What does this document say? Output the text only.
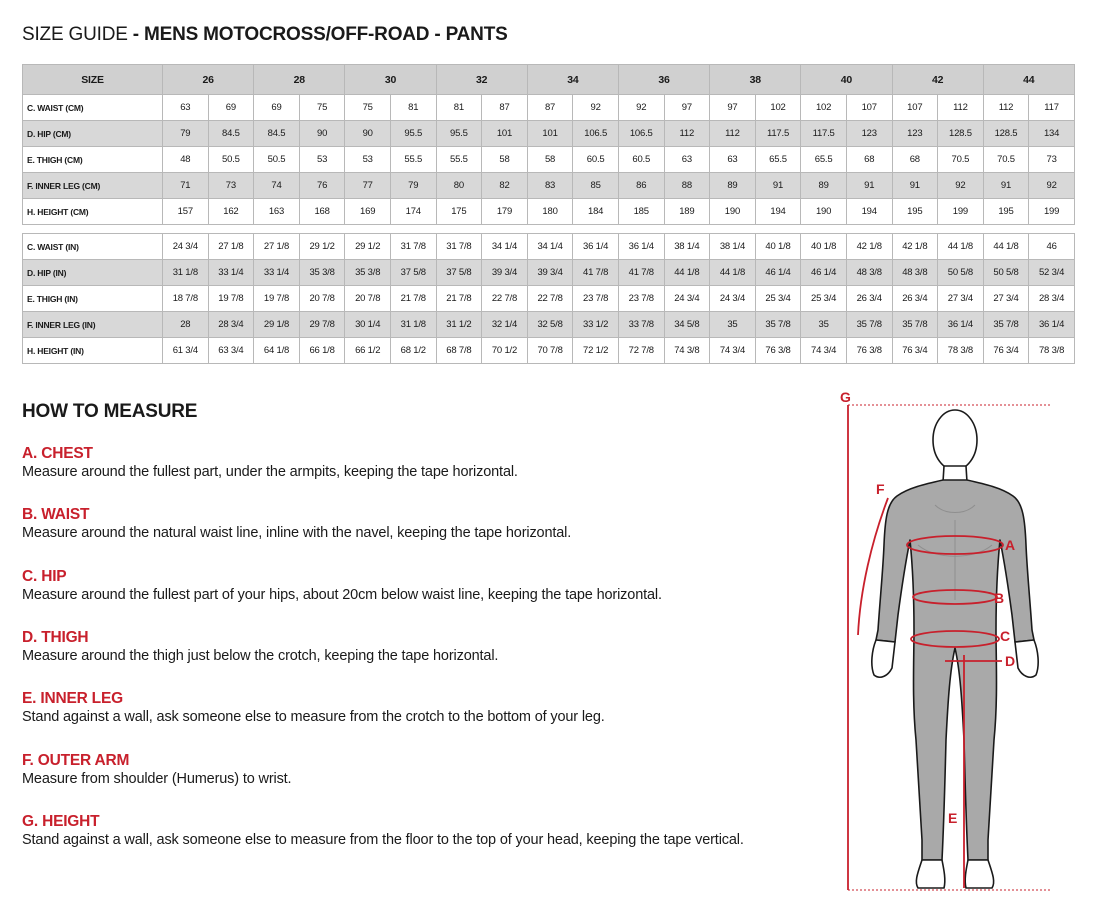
SIZE GUIDE - MENS MOTOCROSS/OFF-ROAD - PANTS
SIZE	26		28		30		32		34		36		38		40		42		44	
C. WAIST (CM)	63	69	69	75	75	81	81	87	87	92	92	97	97	102	102	107	107	112	112	117
D. HIP (CM)	79	84.5	84.5	90	90	95.5	95.5	101	101	106.5	106.5	112	112	117.5	117.5	123	123	128.5	128.5	134
E. THIGH (CM)	48	50.5	50.5	53	53	55.5	55.5	58	58	60.5	60.5	63	63	65.5	65.5	68	68	70.5	70.5	73
F. INNER LEG (CM)	71	73	74	76	77	79	80	82	83	85	86	88	89	91	89	91	91	92	91	92
H. HEIGHT (CM)	157	162	163	168	169	174	175	179	180	184	185	189	190	194	190	194	195	199	195	199

C. WAIST (IN)	24 3/4	27 1/8	27 1/8	29 1/2	29 1/2	31 7/8	31 7/8	34 1/4	34 1/4	36 1/4	36 1/4	38 1/4	38 1/4	40 1/8	40 1/8	42 1/8	42 1/8	44 1/8	44 1/8	46
D. HIP (IN)	31 1/8	33 1/4	33 1/4	35 3/8	35 3/8	37 5/8	37 5/8	39 3/4	39 3/4	41 7/8	41 7/8	44 1/8	44 1/8	46 1/4	46 1/4	48 3/8	48 3/8	50 5/8	50 5/8	52 3/4
E. THIGH (IN)	18 7/8	19 7/8	19 7/8	20 7/8	20 7/8	21 7/8	21 7/8	22 7/8	22 7/8	23 7/8	23 7/8	24 3/4	24 3/4	25 3/4	25 3/4	26 3/4	26 3/4	27 3/4	27 3/4	28 3/4
F. INNER LEG (IN)	28	28 3/4	29 1/8	29 7/8	30 1/4	31 1/8	31 1/2	32 1/4	32 5/8	33 1/2	33 7/8	34 5/8	35	35 7/8	35	35 7/8	35 7/8	36 1/4	35 7/8	36 1/4
H. HEIGHT (IN)	61 3/4	63 3/4	64 1/8	66 1/8	66 1/2	68 1/2	68 7/8	70 1/2	70 7/8	72 1/2	72 7/8	74 3/8	74 3/4	76 3/8	74 3/4	76 3/8	76 3/4	78 3/8	76 3/4	78 3/8
HOW TO MEASURE
A. CHEST
Measure around the fullest part, under the armpits, keeping the tape horizontal.
B. WAIST
Measure around the natural waist line, inline with the navel, keeping the tape horizontal.
C. HIP
Measure around the fullest part of your hips, about 20cm below waist line, keeping the tape horizontal.
D. THIGH
Measure around the thigh just below the crotch, keeping the tape horizontal.
E. INNER LEG
Stand against a wall, ask someone else to measure from the crotch to the bottom of your leg.
F. OUTER ARM
Measure from shoulder (Humerus) to wrist.
G. HEIGHT
Stand against a wall, ask someone else to measure from the floor to the top of your head, keeping the tape vertical.
A
B
C
D
E
F
G
